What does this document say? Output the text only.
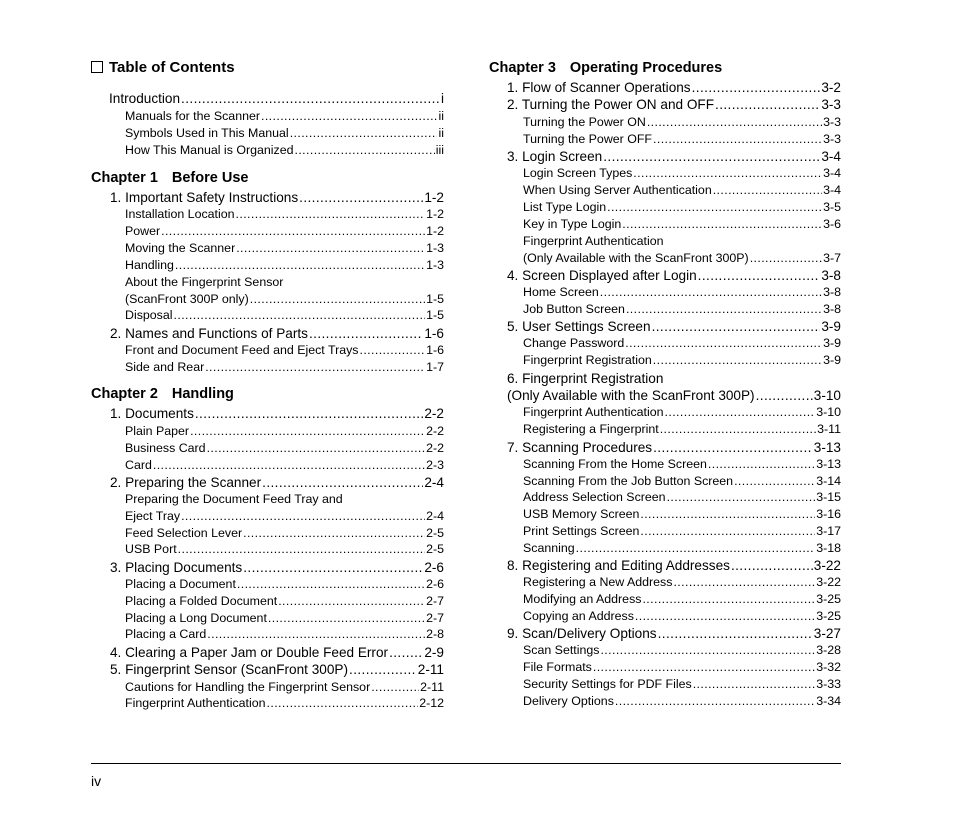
Table of Contents
Introduction .....	i
Manuals for the Scanner .....	ii
Symbols Used in This Manual .....	ii
How This Manual is Organized .....	iii
Chapter 1 Before Use
1. Important Safety Instructions .....	1-2
Installation Location .....	1-2
Power .....	1-2
Moving the Scanner .....	1-3
Handling .....	1-3
About the Fingerprint Sensor
(ScanFront 300P only) .....	1-5
Disposal .....	1-5
2. Names and Functions of Parts .....	1-6
Front and Document Feed and Eject Trays .....	1-6
Side and Rear .....	1-7
Chapter 2 Handling
1. Documents .....	2-2
Plain Paper .....	2-2
Business Card .....	2-2
Card .....	2-3
2. Preparing the Scanner .....	2-4
Preparing the Document Feed Tray and
Eject Tray .....	2-4
Feed Selection Lever .....	2-5
USB Port .....	2-5
3. Placing Documents .....	2-6
Placing a Document .....	2-6
Placing a Folded Document .....	2-7
Placing a Long Document .....	2-7
Placing a Card .....	2-8
4. Clearing a Paper Jam or Double Feed Error .....	2-9
5. Fingerprint Sensor (ScanFront 300P) .....	2-11
Cautions for Handling the Fingerprint Sensor .....	2-11
Fingerprint Authentication .....	2-12
Chapter 3 Operating Procedures
1. Flow of Scanner Operations .....	3-2
2. Turning the Power ON and OFF .....	3-3
Turning the Power ON .....	3-3
Turning the Power OFF .....	3-3
3. Login Screen .....	3-4
Login Screen Types .....	3-4
When Using Server Authentication .....	3-4
List Type Login .....	3-5
Key in Type Login .....	3-6
Fingerprint Authentication
(Only Available with the ScanFront 300P) .....	3-7
4. Screen Displayed after Login .....	3-8
Home Screen .....	3-8
Job Button Screen .....	3-8
5. User Settings Screen .....	3-9
Change Password .....	3-9
Fingerprint Registration .....	3-9
6. Fingerprint Registration
(Only Available with the ScanFront 300P) .....	3-10
Fingerprint Authentication .....	3-10
Registering a Fingerprint .....	3-11
7. Scanning Procedures .....	3-13
Scanning From the Home Screen .....	3-13
Scanning From the Job Button Screen .....	3-14
Address Selection Screen .....	3-15
USB Memory Screen .....	3-16
Print Settings Screen .....	3-17
Scanning .....	3-18
8. Registering and Editing Addresses .....	3-22
Registering a New Address .....	3-22
Modifying an Address .....	3-25
Copying an Address .....	3-25
9. Scan/Delivery Options .....	3-27
Scan Settings .....	3-28
File Formats .....	3-32
Security Settings for PDF Files .....	3-33
Delivery Options .....	3-34
iv
